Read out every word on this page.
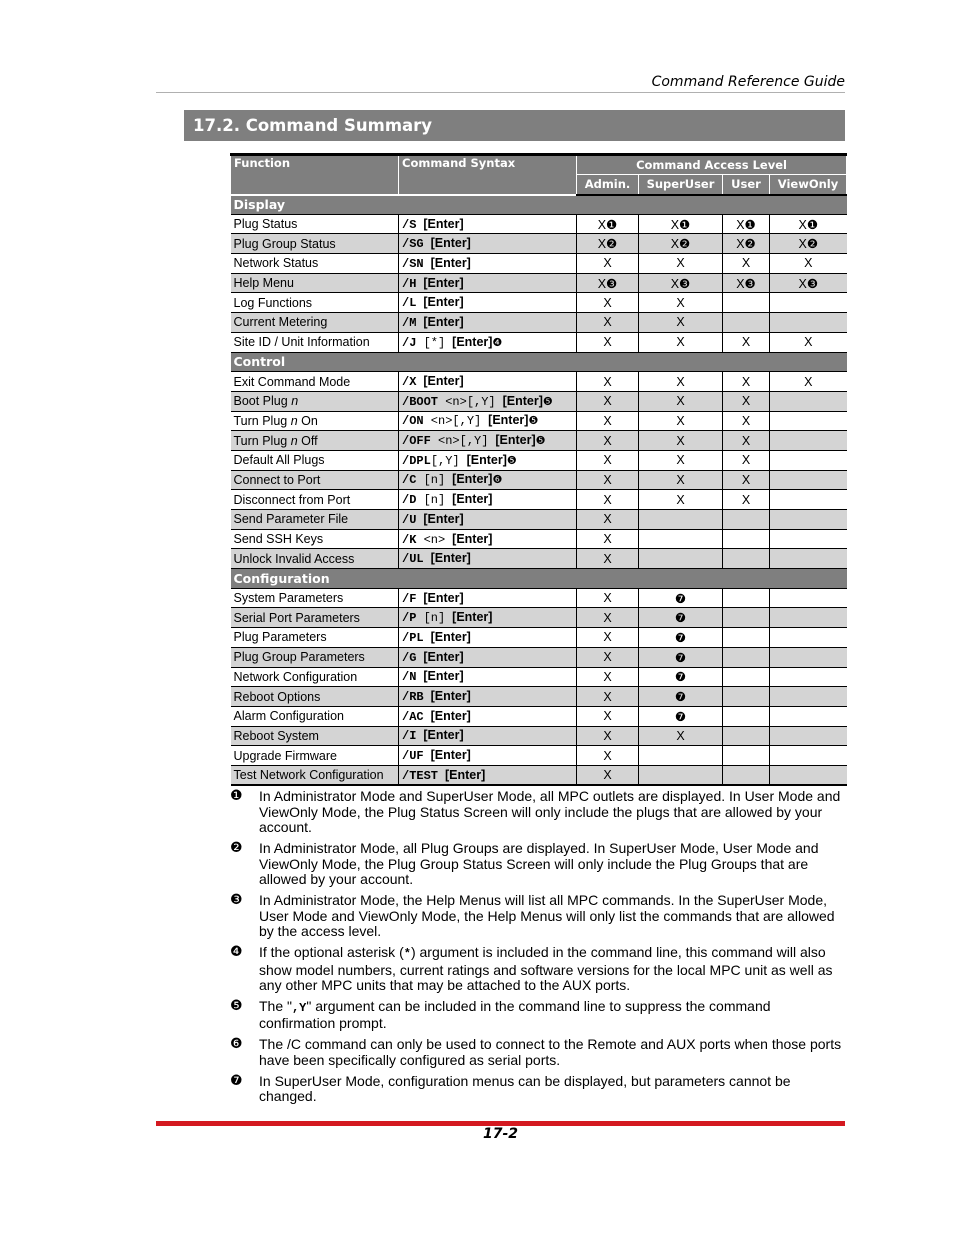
Command Reference Guide
17.2. Command Summary
Function	Command Syntax	Command Access Level			
		Admin.	SuperUser	User	ViewOnly
Display					
Plug Status	/S [Enter]	X❶	X❶	X❶	X❶
Plug Group Status	/SG [Enter]	X❷	X❷	X❷	X❷
Network Status	/SN [Enter]	X	X	X	X
Help Menu	/H [Enter]	X❸	X❸	X❸	X❸
Log Functions	/L [Enter]	X	X		
Current Metering	/M [Enter]	X	X		
Site ID / Unit Information	/J [*] [Enter]❹	X	X	X	X
Control					
Exit Command Mode	/X [Enter]	X	X	X	X
Boot Plug n	/BOOT <n>[,Y] [Enter]❺	X	X	X	
Turn Plug n On	/ON <n>[,Y] [Enter]❺	X	X	X	
Turn Plug n Off	/OFF <n>[,Y] [Enter]❺	X	X	X	
Default All Plugs	/DPL[,Y] [Enter]❺	X	X	X	
Connect to Port	/C [n] [Enter]❻	X	X	X	
Disconnect from Port	/D [n] [Enter]	X	X	X	
Send Parameter File	/U [Enter]	X			
Send SSH Keys	/K <n> [Enter]	X			
Unlock Invalid Access	/UL [Enter]	X			
Configuration					
System Parameters	/F [Enter]	X	❼		
Serial Port Parameters	/P [n] [Enter]	X	❼		
Plug Parameters	/PL [Enter]	X	❼		
Plug Group Parameters	/G [Enter]	X	❼		
Network Configuration	/N [Enter]	X	❼		
Reboot Options	/RB [Enter]	X	❼		
Alarm Configuration	/AC [Enter]	X	❼		
Reboot System	/I [Enter]	X	X		
Upgrade Firmware	/UF [Enter]	X			
Test Network Configuration	/TEST [Enter]	X			
❶	In Administrator Mode and SuperUser Mode, all MPC outlets are displayed. In User Mode and ViewOnly Mode, the Plug Status Screen will only include the plugs that are allowed by your account.
❷	In Administrator Mode, all Plug Groups are displayed. In SuperUser Mode, User Mode and ViewOnly Mode, the Plug Group Status Screen will only include the Plug Groups that are allowed by your account.
❸	In Administrator Mode, the Help Menus will list all MPC commands. In the SuperUser Mode, User Mode and ViewOnly Mode, the Help Menus will only list the commands that are allowed by the access level.
❹	If the optional asterisk (*) argument is included in the command line, this command will also show model numbers, current ratings and software versions for the local MPC unit as well as any other MPC units that may be attached to the AUX ports.
❺	The ",Y" argument can be included in the command line to suppress the command confirmation prompt.
❻	The /C command can only be used to connect to the Remote and AUX ports when those ports have been specifically configured as serial ports.
❼	In SuperUser Mode, configuration menus can be displayed, but parameters cannot be changed.
17-2
